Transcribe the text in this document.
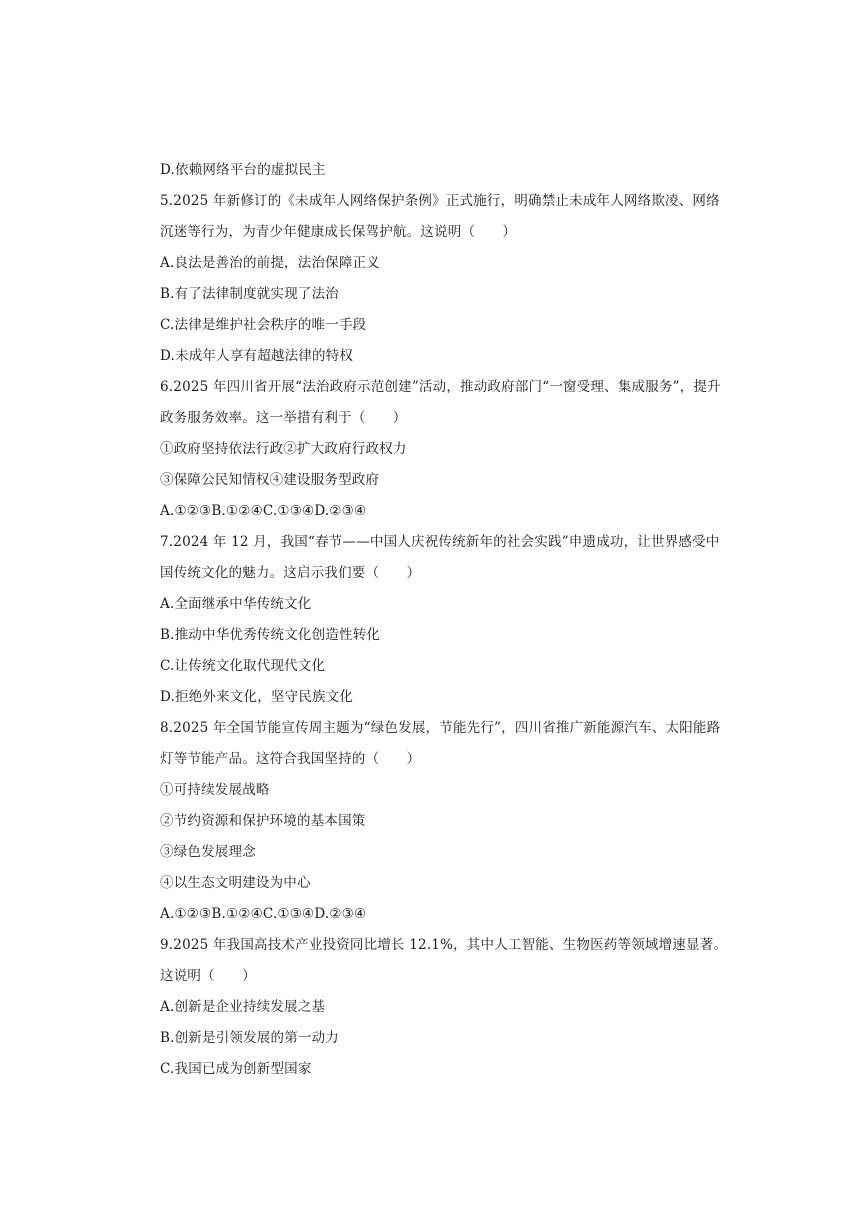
D.依赖网络平台的虚拟民主
5.2025 年新修订的《未成年人网络保护条例》正式施行，明确禁止未成年人网络欺凌、网络
沉迷等行为，为青少年健康成长保驾护航。这说明（　　）
A.良法是善治的前提，法治保障正义
B.有了法律制度就实现了法治
C.法律是维护社会秩序的唯一手段
D.未成年人享有超越法律的特权
6.2025 年四川省开展“法治政府示范创建”活动，推动政府部门“一窗受理、集成服务”，提升
政务服务效率。这一举措有利于（　　）
①政府坚持依法行政②扩大政府行政权力
③保障公民知情权④建设服务型政府
A.①②③B.①②④C.①③④D.②③④
7.2024 年 12 月，我国“春节——中国人庆祝传统新年的社会实践”申遗成功，让世界感受中
国传统文化的魅力。这启示我们要（　　）
A.全面继承中华传统文化
B.推动中华优秀传统文化创造性转化
C.让传统文化取代现代文化
D.拒绝外来文化，坚守民族文化
8.2025 年全国节能宣传周主题为“绿色发展，节能先行”，四川省推广新能源汽车、太阳能路
灯等节能产品。这符合我国坚持的（　　）
①可持续发展战略
②节约资源和保护环境的基本国策
③绿色发展理念
④以生态文明建设为中心
A.①②③B.①②④C.①③④D.②③④
9.2025 年我国高技术产业投资同比增长 12.1%，其中人工智能、生物医药等领域增速显著。
这说明（　　）
A.创新是企业持续发展之基
B.创新是引领发展的第一动力
C.我国已成为创新型国家
